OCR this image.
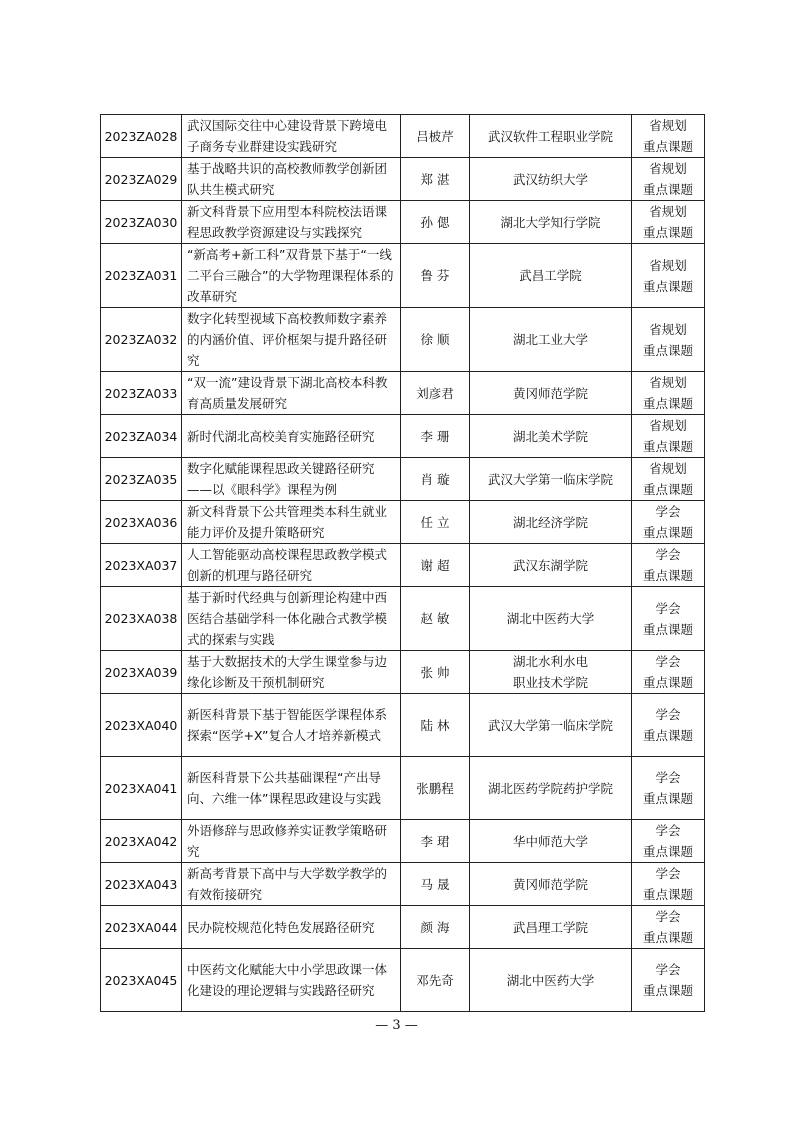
2023ZA028	武汉国际交往中心建设背景下跨境电子商务专业群建设实践研究	吕柀芹	武汉软件工程职业学院	省规划
重点课题

2023ZA029	基于战略共识的高校教师教学创新团队共生模式研究	郑 湛	武汉纺织大学	省规划
重点课题

2023ZA030	新文科背景下应用型本科院校法语课程思政教学资源建设与实践探究	孙 偲	湖北大学知行学院	省规划
重点课题

2023ZA031	“新高考+新工科”双背景下基于“一线二平台三融合”的大学物理课程体系的改革研究	鲁 芬	武昌工学院	省规划
重点课题

2023ZA032	数字化转型视域下高校教师数字素养的内涵价值、评价框架与提升路径研究	徐 顺	湖北工业大学	省规划
重点课题

2023ZA033	“双一流”建设背景下湖北高校本科教育高质量发展研究	刘彦君	黄冈师范学院	省规划
重点课题

2023ZA034	新时代湖北高校美育实施路径研究	李 珊	湖北美术学院	省规划
重点课题

2023ZA035	数字化赋能课程思政关键路径研究——以《眼科学》课程为例	肖 璇	武汉大学第一临床学院	省规划
重点课题

2023XA036	新文科背景下公共管理类本科生就业能力评价及提升策略研究	任 立	湖北经济学院	学会
重点课题

2023XA037	人工智能驱动高校课程思政教学模式创新的机理与路径研究	谢 超	武汉东湖学院	学会
重点课题

2023XA038	基于新时代经典与创新理论构建中西医结合基础学科一体化融合式教学模式的探索与实践	赵 敏	湖北中医药大学	学会
重点课题

2023XA039	基于大数据技术的大学生课堂参与边缘化诊断及干预机制研究	张 帅	湖北水利水电
职业技术学院	学会
重点课题

2023XA040	新医科背景下基于智能医学课程体系探索“医学+X”复合人才培养新模式	陆 林	武汉大学第一临床学院	学会
重点课题

2023XA041	新医科背景下公共基础课程“产出导向、六维一体”课程思政建设与实践	张鹏程	湖北医药学院药护学院	学会
重点课题

2023XA042	外语修辞与思政修养实证教学策略研究	李 珺	华中师范大学	学会
重点课题

2023XA043	新高考背景下高中与大学数学教学的有效衔接研究	马 晟	黄冈师范学院	学会
重点课题

2023XA044	民办院校规范化特色发展路径研究	颜 海	武昌理工学院	学会
重点课题

2023XA045	中医药文化赋能大中小学思政课一体化建设的理论逻辑与实践路径研究	邓先奇	湖北中医药大学	学会
重点课题
— 3 —
